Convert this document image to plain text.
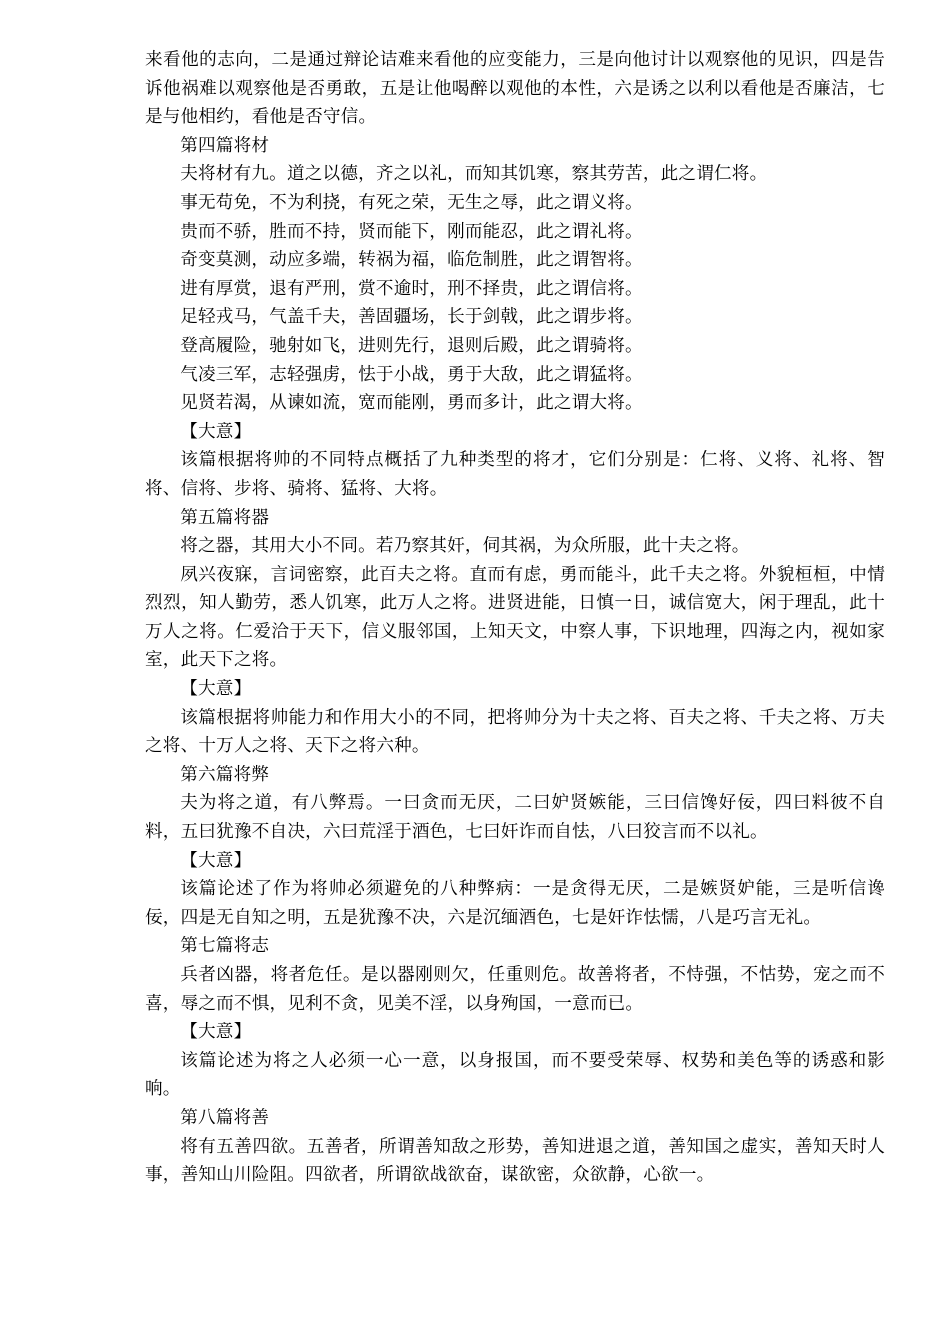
来看他的志向，二是通过辩论诘难来看他的应变能力，三是向他讨计以观察他的见识，四是告诉他祸难以观察他是否勇敢，五是让他喝醉以观他的本性，六是诱之以利以看他是否廉洁，七是与他相约，看他是否守信。

第四篇将材

夫将材有九。道之以德，齐之以礼，而知其饥寒，察其劳苦，此之谓仁将。

事无苟免，不为利挠，有死之荣，无生之辱，此之谓义将。

贵而不骄，胜而不持，贤而能下，刚而能忍，此之谓礼将。

奇变莫测，动应多端，转祸为福，临危制胜，此之谓智将。

进有厚赏，退有严刑，赏不逾时，刑不择贵，此之谓信将。

足轻戎马，气盖千夫，善固疆场，长于剑戟，此之谓步将。

登高履险，驰射如飞，进则先行，退则后殿，此之谓骑将。

气凌三军，志轻强虏，怯于小战，勇于大敌，此之谓猛将。

见贤若渴，从谏如流，宽而能刚，勇而多计，此之谓大将。

【大意】

该篇根据将帅的不同特点概括了九种类型的将才，它们分别是：仁将、义将、礼将、智将、信将、步将、骑将、猛将、大将。

第五篇将器

将之器，其用大小不同。若乃察其奸，伺其祸，为众所服，此十夫之将。

夙兴夜寐，言词密察，此百夫之将。直而有虑，勇而能斗，此千夫之将。外貌桓桓，中情烈烈，知人勤劳，悉人饥寒，此万人之将。进贤进能，日慎一日，诚信宽大，闲于理乱，此十万人之将。仁爱洽于天下，信义服邻国，上知天文，中察人事，下识地理，四海之内，视如家室，此天下之将。

【大意】

该篇根据将帅能力和作用大小的不同，把将帅分为十夫之将、百夫之将、千夫之将、万夫之将、十万人之将、天下之将六种。

第六篇将弊

夫为将之道，有八弊焉。一曰贪而无厌，二曰妒贤嫉能，三曰信馋好佞，四曰料彼不自料，五曰犹豫不自决，六曰荒淫于酒色，七曰奸诈而自怯，八曰狡言而不以礼。

【大意】

该篇论述了作为将帅必须避免的八种弊病：一是贪得无厌，二是嫉贤妒能，三是听信谗佞，四是无自知之明，五是犹豫不决，六是沉缅酒色，七是奸诈怯懦，八是巧言无礼。

第七篇将志

兵者凶器，将者危任。是以器刚则欠，任重则危。故善将者，不恃强，不怙势，宠之而不喜，辱之而不惧，见利不贪，见美不淫，以身殉国，一意而已。

【大意】

该篇论述为将之人必须一心一意，以身报国，而不要受荣辱、权势和美色等的诱惑和影响。

第八篇将善

将有五善四欲。五善者，所谓善知敌之形势，善知进退之道，善知国之虚实，善知天时人事，善知山川险阻。四欲者，所谓欲战欲奋，谋欲密，众欲静，心欲一。
